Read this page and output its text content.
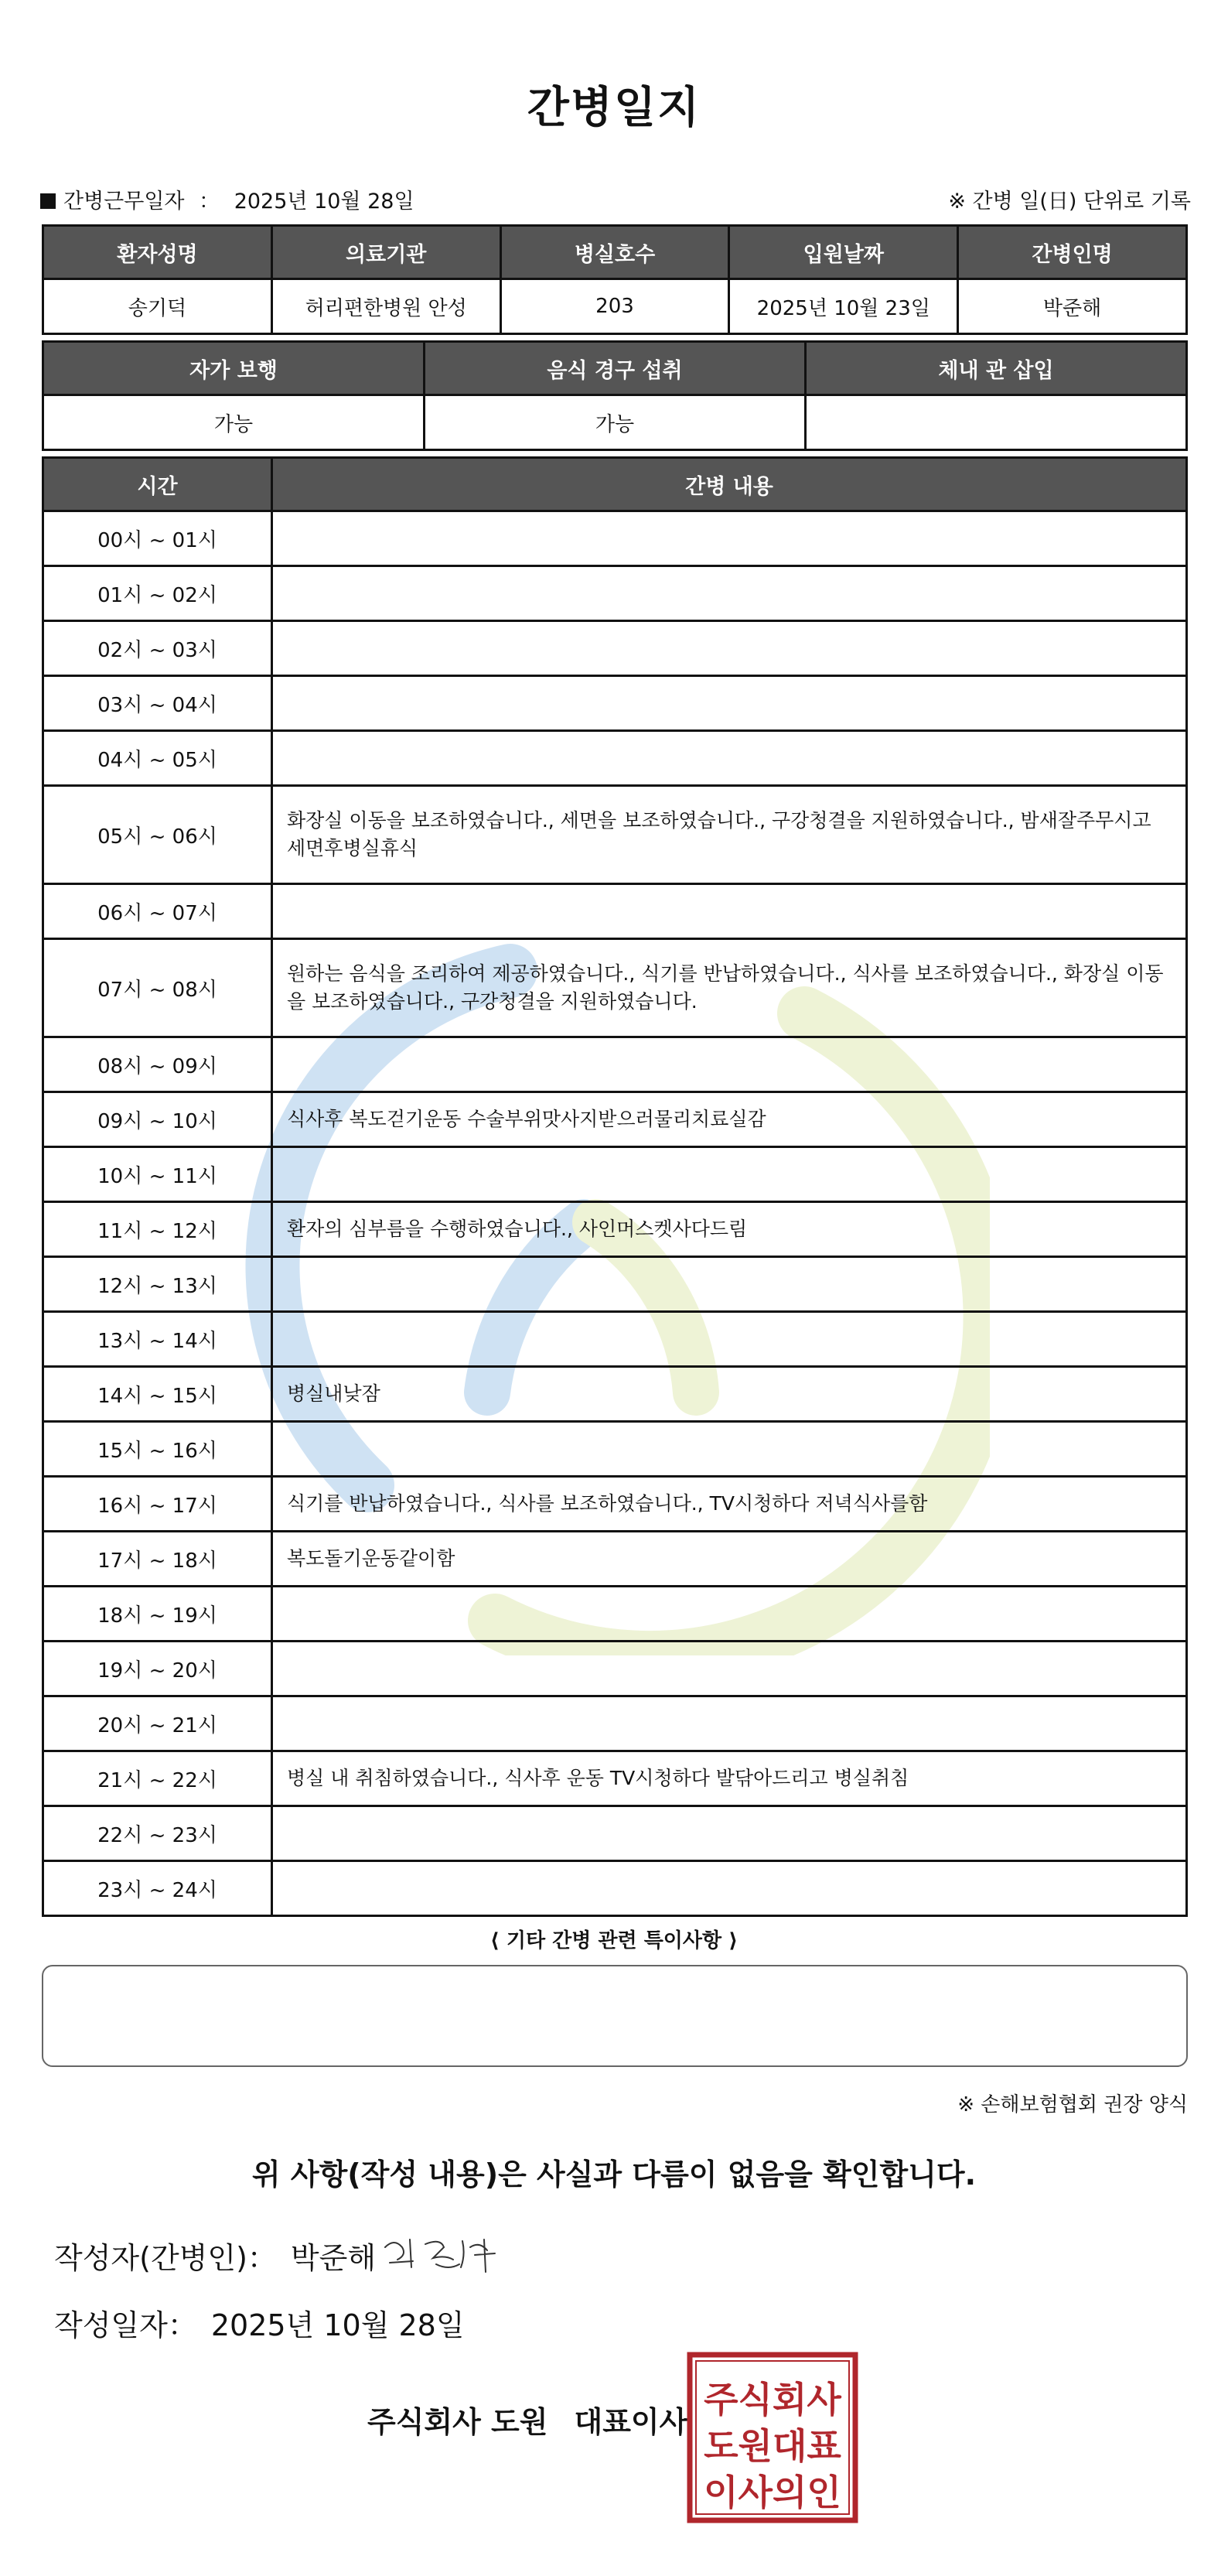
간병일지
간병근무일자 ： 2025년 10월 28일	※ 간병 일(日) 단위로 기록
환자성명	의료기관	병실호수	입원날짜	간병인명
송기덕	허리편한병원 안성	203	2025년 10월 23일	박준해
자가 보행	음식 경구 섭취	체내 관 삽입
가능	가능	
시간	간병 내용
00시 ~ 01시	
01시 ~ 02시	
02시 ~ 03시	
03시 ~ 04시	
04시 ~ 05시	
05시 ~ 06시	화장실 이동을 보조하였습니다., 세면을 보조하였습니다., 구강청결을 지원하였습니다., 밤새잘주무시고 세면후병실휴식
06시 ~ 07시	
07시 ~ 08시	원하는 음식을 조리하여 제공하였습니다., 식기를 반납하였습니다., 식사를 보조하였습니다., 화장실 이동을 보조하였습니다., 구강청결을 지원하였습니다.
08시 ~ 09시	
09시 ~ 10시	식사후 복도걷기운동 수술부위맛사지받으러물리치료실감
10시 ~ 11시	
11시 ~ 12시	환자의 심부름을 수행하였습니다., 사인머스켓사다드림
12시 ~ 13시	
13시 ~ 14시	
14시 ~ 15시	병실내낮잠
15시 ~ 16시	
16시 ~ 17시	식기를 반납하였습니다., 식사를 보조하였습니다., TV시청하다 저녁식사를함
17시 ~ 18시	복도돌기운동같이함
18시 ~ 19시	
19시 ~ 20시	
20시 ~ 21시	
21시 ~ 22시	병실 내 취침하였습니다., 식사후 운동 TV시청하다 발닦아드리고 병실취침
22시 ~ 23시	
23시 ~ 24시	
⟨ 기타 간병 관련 특이사항 ⟩
※ 손해보험협회 권장 양식
위 사항(작성 내용)은 사실과 다름이 없음을 확인합니다.
작성자(간병인)： 박준해
작성일자： 2025년 10월 28일
주식회사 도원 대표이사
주식회사
도원대표
이사의인
